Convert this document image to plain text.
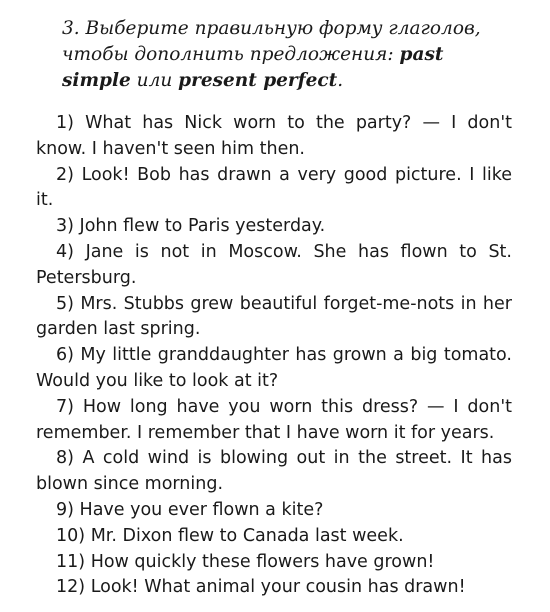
3. Выберите правильную форму глаголов, чтобы дополнить предложения: past simple или present perfect.

1) What has Nick worn to the party? — I don't know. I haven't seen him then.
2) Look! Bob has drawn a very good picture. I like it.
3) John flew to Paris yesterday.
4) Jane is not in Moscow. She has flown to St. Petersburg.
5) Mrs. Stubbs grew beautiful forget-me-nots in her garden last spring.
6) My little granddaughter has grown a big tomato. Would you like to look at it?
7) How long have you worn this dress? — I don't remember. I remember that I have worn it for years.
8) A cold wind is blowing out in the street. It has blown since morning.
9) Have you ever flown a kite?
10) Mr. Dixon flew to Canada last week.
11) How quickly these flowers have grown!
12) Look! What animal your cousin has drawn!
